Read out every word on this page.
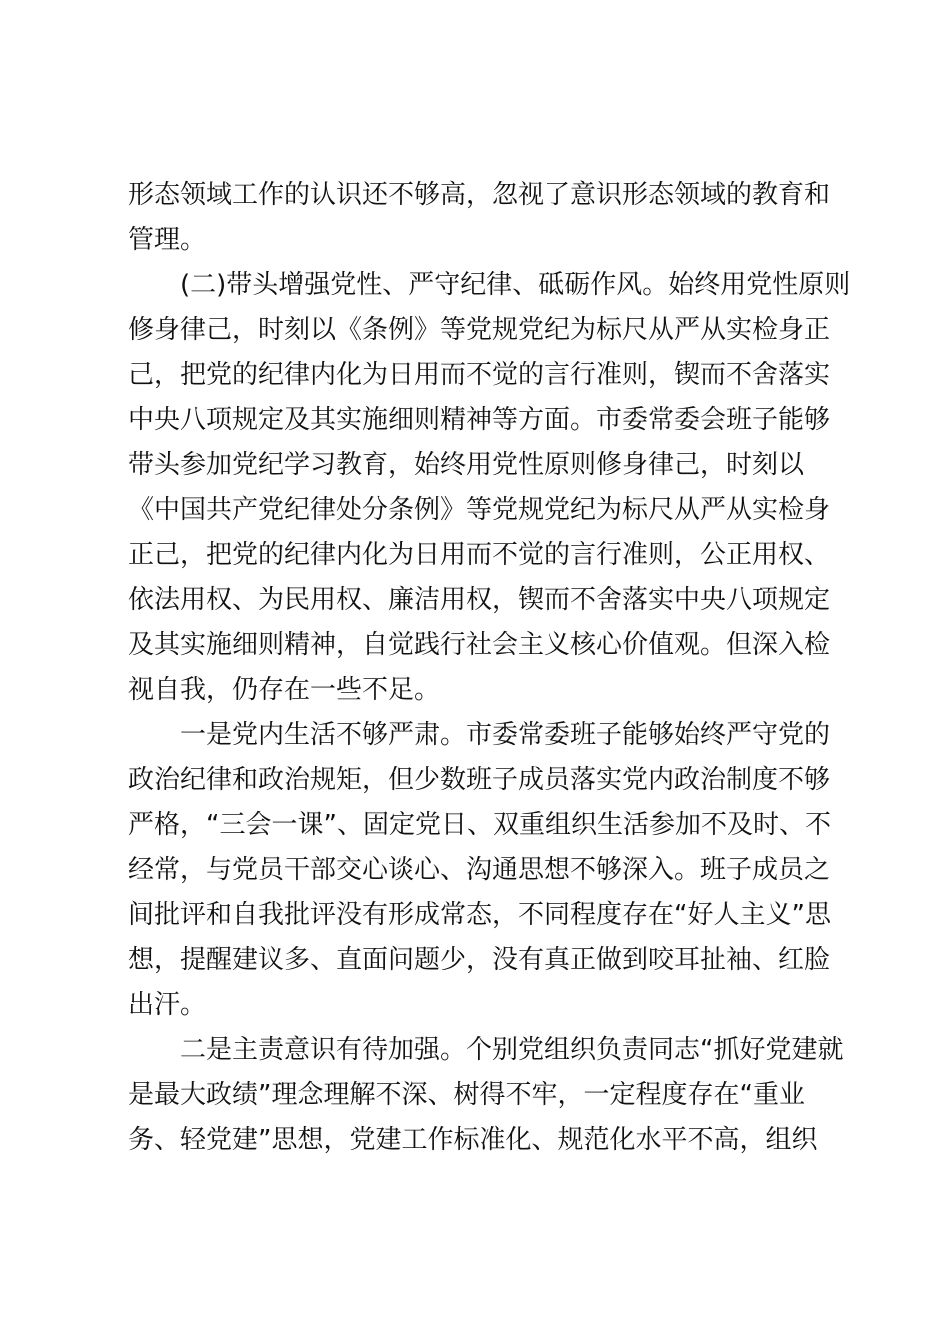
形态领域工作的认识还不够高，忽视了意识形态领域的教育和
管理。
(二)带头增强党性、严守纪律、砥砺作风。始终用党性原则
修身律己，时刻以《条例》等党规党纪为标尺从严从实检身正
己，把党的纪律内化为日用而不觉的言行准则，锲而不舍落实
中央八项规定及其实施细则精神等方面。市委常委会班子能够
带头参加党纪学习教育，始终用党性原则修身律己，时刻以
《中国共产党纪律处分条例》等党规党纪为标尺从严从实检身
正己，把党的纪律内化为日用而不觉的言行准则，公正用权、
依法用权、为民用权、廉洁用权，锲而不舍落实中央八项规定
及其实施细则精神，自觉践行社会主义核心价值观。但深入检
视自我，仍存在一些不足。
一是党内生活不够严肃。市委常委班子能够始终严守党的
政治纪律和政治规矩，但少数班子成员落实党内政治制度不够
严格，“三会一课”、固定党日、双重组织生活参加不及时、不
经常，与党员干部交心谈心、沟通思想不够深入。班子成员之
间批评和自我批评没有形成常态，不同程度存在“好人主义”思
想，提醒建议多、直面问题少，没有真正做到咬耳扯袖、红脸
出汗。
二是主责意识有待加强。个别党组织负责同志“抓好党建就
是最大政绩”理念理解不深、树得不牢，一定程度存在“重业
务、轻党建”思想，党建工作标准化、规范化水平不高，组织
